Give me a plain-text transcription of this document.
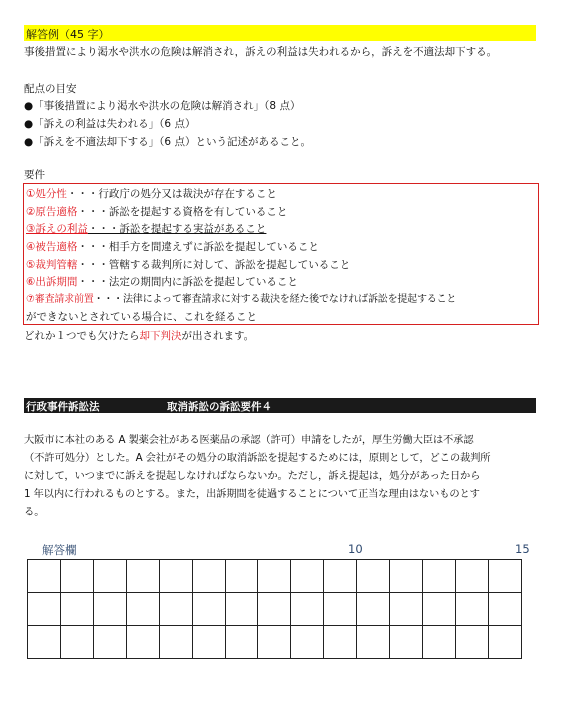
解答例（45 字）
事後措置により渇水や洪水の危険は解消され，訴えの利益は失われるから，訴えを不適法却下する。
配点の目安
●「事後措置により渇水や洪水の危険は解消され」（8 点）
●「訴えの利益は失われる」（6 点）
●「訴えを不適法却下する」（6 点）という記述があること。
要件
①処分性・・・行政庁の処分又は裁決が存在すること
②原告適格・・・訴訟を提起する資格を有していること
③訴えの利益・・・訴訟を提起する実益があること
④被告適格・・・相手方を間違えずに訴訟を提起していること
⑤裁判管轄・・・管轄する裁判所に対して、訴訟を提起していること
⑥出訴期間・・・法定の期間内に訴訟を提起していること
⑦審査請求前置・・・法律によって審査請求に対する裁決を経た後でなければ訴訟を提起すること
ができないとされている場合に、これを経ること
どれか１つでも欠けたら却下判決が出されます。
行政事件訴訟法	取消訴訟の訴訟要件４
大阪市に本社のある A 製薬会社がある医薬品の承認（許可）申請をしたが，厚生労働大臣は不承認
（不許可処分）とした。A 会社がその処分の取消訴訟を提起するためには，原則として，どこの裁判所
に対して，いつまでに訴えを提起しなければならないか。ただし，訴え提起は，処分があった日から
1 年以内に行われるものとする。また，出訴期間を徒過することについて正当な理由はないものとす
る。
解答欄	10	15
